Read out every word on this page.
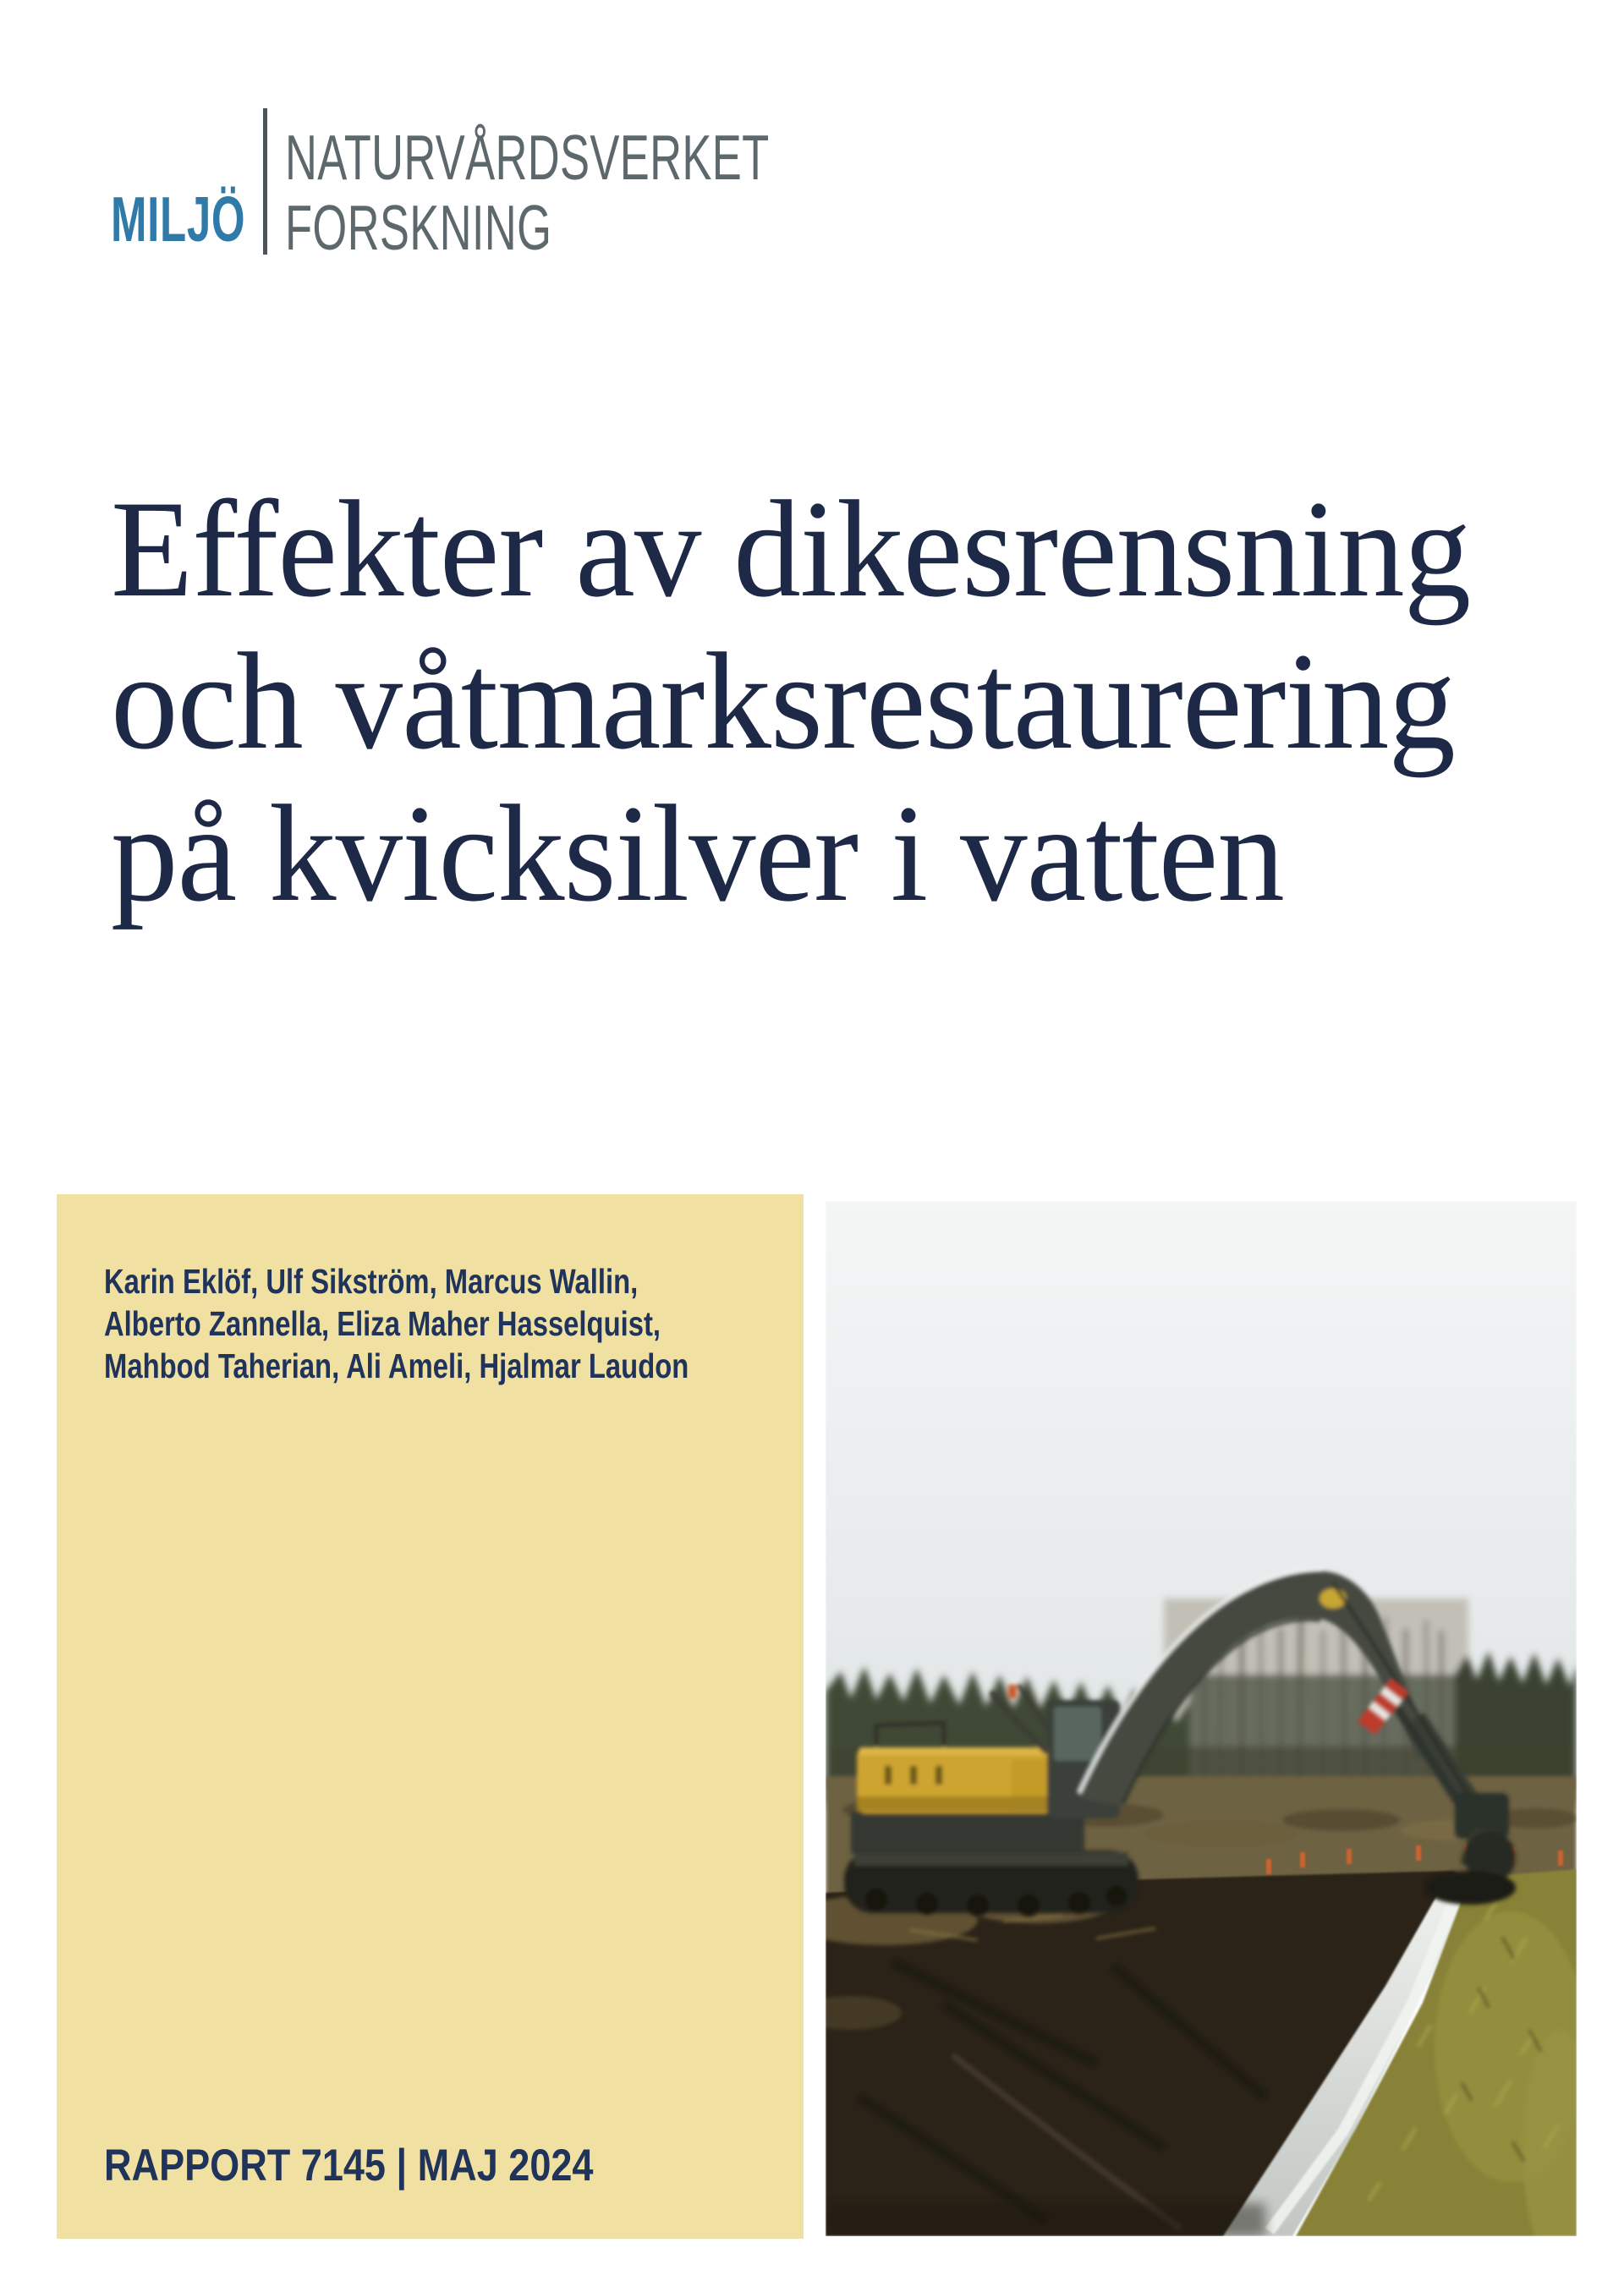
MILJÖ
NATURVÅRDSVERKET
FORSKNING
Effekter av dikesrensning
och våtmarksrestaurering
på kvicksilver i vatten
Karin Eklöf, Ulf Sikström, Marcus Wallin,
Alberto Zannella, Eliza Maher Hasselquist,
Mahbod Taherian, Ali Ameli, Hjalmar Laudon
RAPPORT 7145 | MAJ 2024
